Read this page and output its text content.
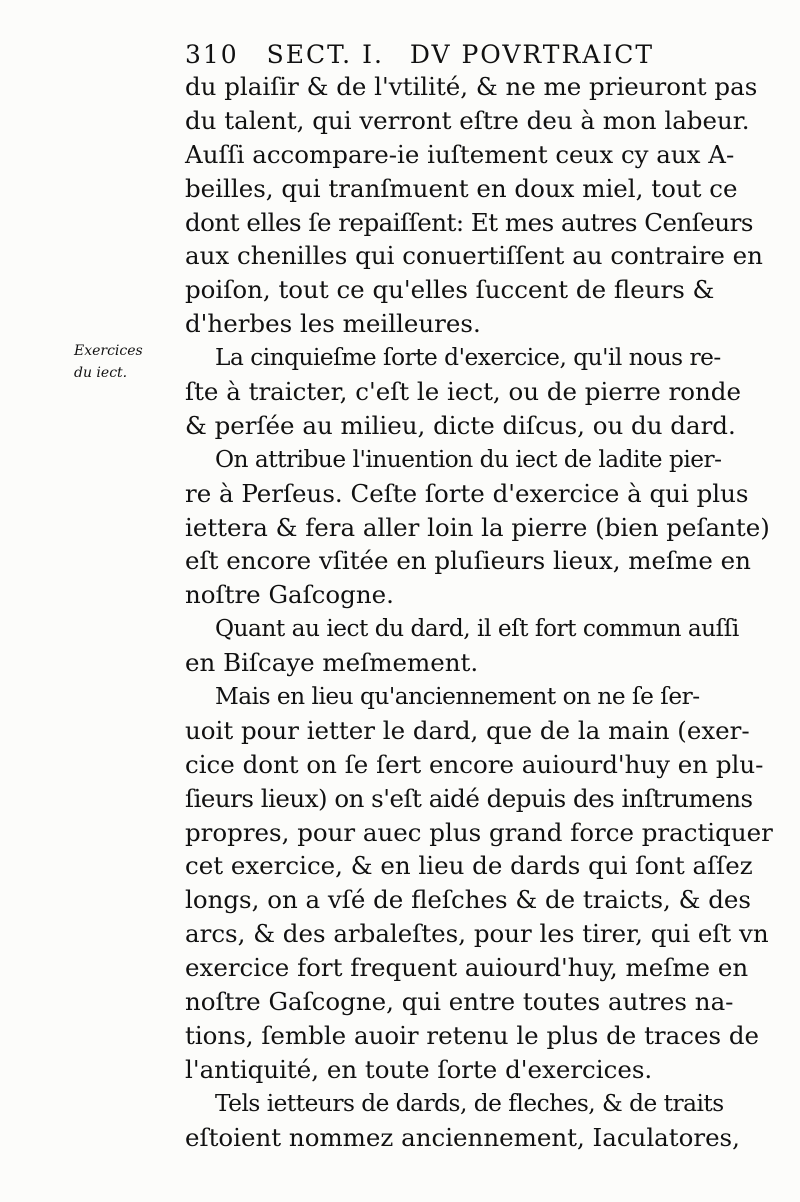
310 SECT. I. DV POVRTRAICT
Exercices
du iect.
du plaiſir & de l'vtilité, & ne me prieuront pas
du talent, qui verront eſtre deu à mon labeur.
Auſſi accompare-ie iuſtement ceux cy aux A-
beilles, qui tranſmuent en doux miel, tout ce
dont elles ſe repaiſſent: Et mes autres Cenſeurs
aux chenilles qui conuertiſſent au contraire en
poiſon, tout ce qu'elles ſuccent de fleurs &
d'herbes les meilleures.
La cinquieſme ſorte d'exercice, qu'il nous re-
ſte à traicter, c'eſt le iect, ou de pierre ronde
& perſée au milieu, dicte diſcus, ou du dard.
On attribue l'inuention du iect de ladite pier-
re à Perſeus. Ceſte ſorte d'exercice à qui plus
iettera & fera aller loin la pierre (bien peſante)
eſt encore vſitée en pluſieurs lieux, meſme en
noſtre Gaſcogne.
Quant au iect du dard, il eſt fort commun auſſi
en Biſcaye meſmement.
Mais en lieu qu'anciennement on ne ſe ſer-
uoit pour ietter le dard, que de la main (exer-
cice dont on ſe ſert encore auiourd'huy en plu-
ſieurs lieux) on s'eſt aidé depuis des inſtrumens
propres, pour auec plus grand force practiquer
cet exercice, & en lieu de dards qui ſont aſſez
longs, on a vſé de fleſches & de traicts, & des
arcs, & des arbaleſtes, pour les tirer, qui eſt vn
exercice fort frequent auiourd'huy, meſme en
noſtre Gaſcogne, qui entre toutes autres na-
tions, ſemble auoir retenu le plus de traces de
l'antiquité, en toute ſorte d'exercices.
Tels ietteurs de dards, de fleches, & de traits
eſtoient nommez anciennement, Iaculatores,
